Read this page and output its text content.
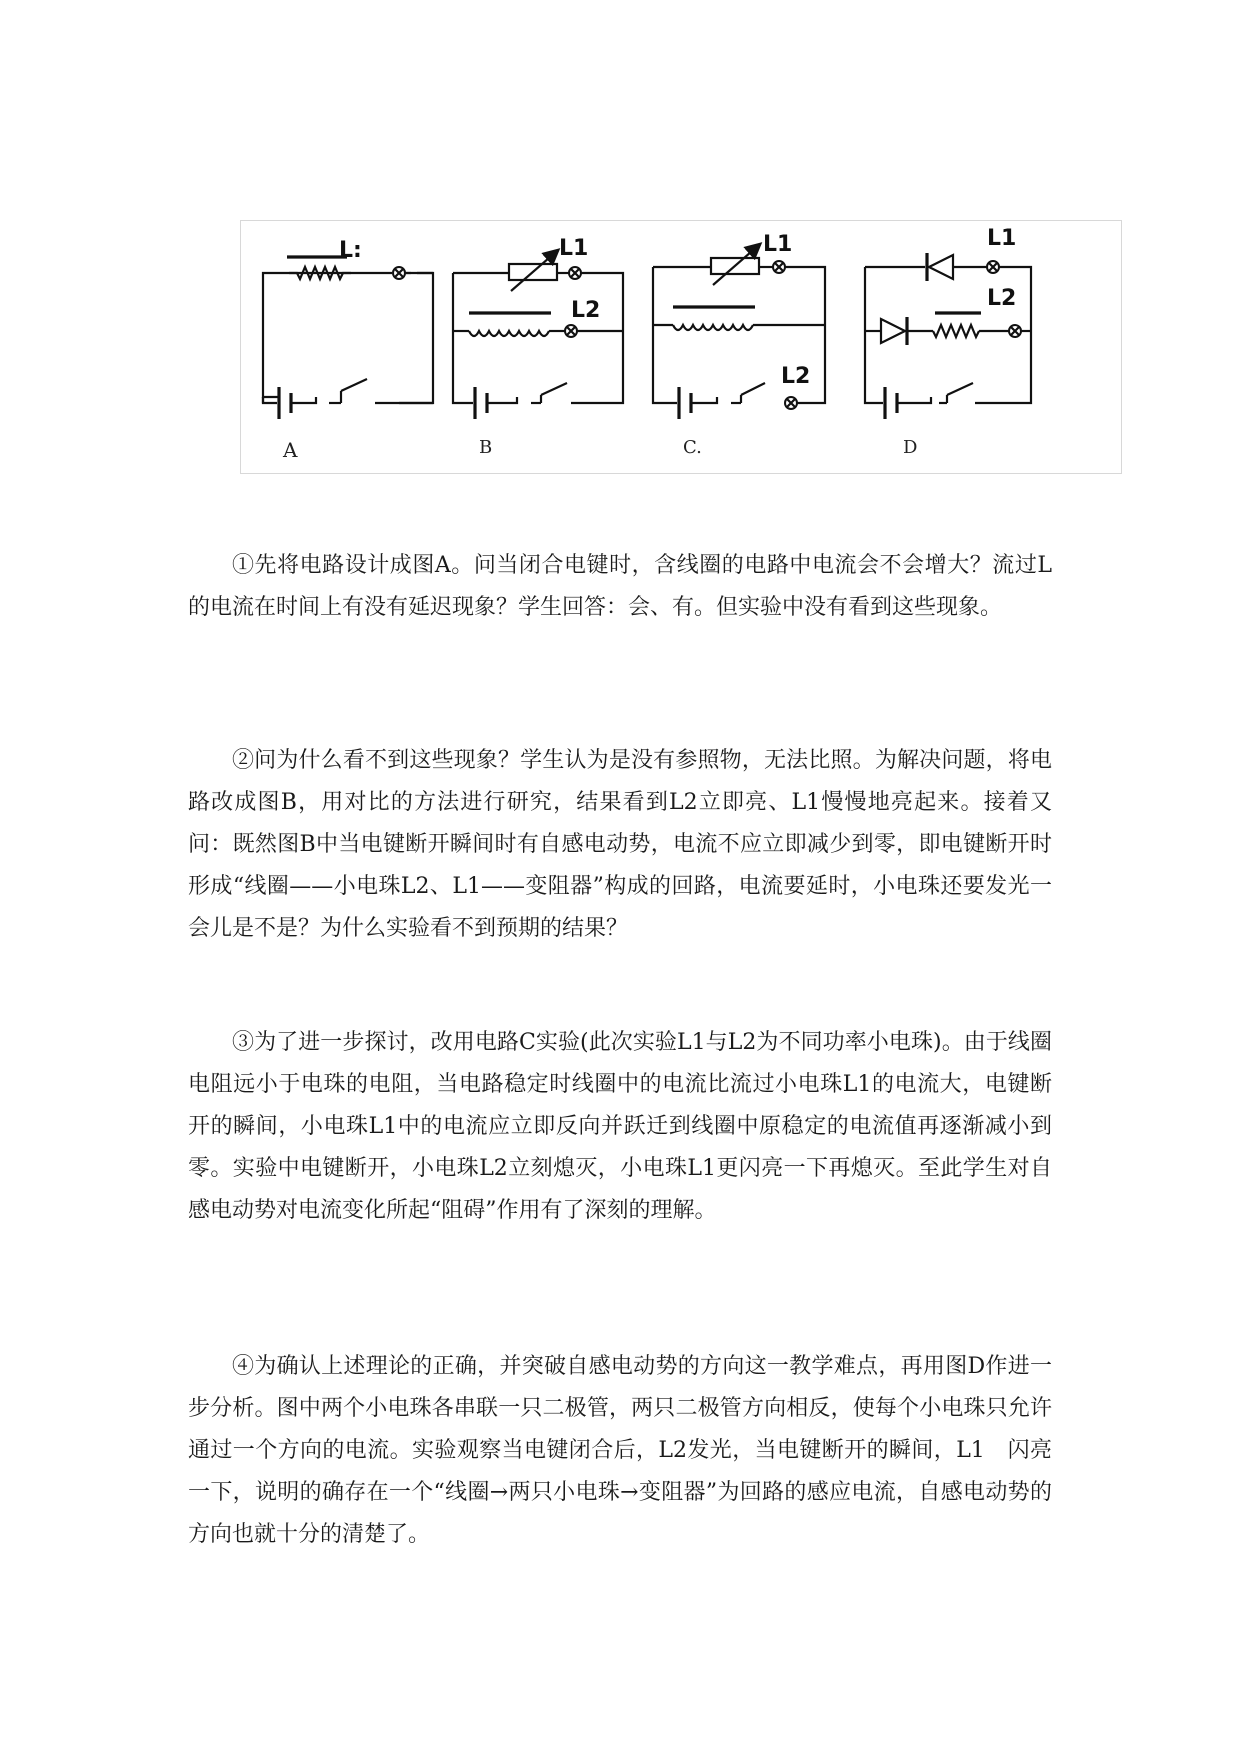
L:
A
L1
L2
B
L1
L2
C.
L1
L2
D

①先将电路设计成图A。问当闭合电键时，含线圈的电路中电流会不会增大？流过L的电流在时间上有没有延迟现象？学生回答：会、有。但实验中没有看到这些现象。

②问为什么看不到这些现象？学生认为是没有参照物，无法比照。为解决问题，将电路改成图B，用对比的方法进行研究，结果看到L2立即亮、L1慢慢地亮起来。接着又问：既然图B中当电键断开瞬间时有自感电动势，电流不应立即减少到零，即电键断开时形成“线圈——小电珠L2、L1——变阻器”构成的回路，电流要延时，小电珠还要发光一会儿是不是？为什么实验看不到预期的结果？

③为了进一步探讨，改用电路C实验(此次实验L1与L2为不同功率小电珠)。由于线圈电阻远小于电珠的电阻，当电路稳定时线圈中的电流比流过小电珠L1的电流大，电键断开的瞬间，小电珠L1中的电流应立即反向并跃迁到线圈中原稳定的电流值再逐渐减小到零。实验中电键断开，小电珠L2立刻熄灭，小电珠L1更闪亮一下再熄灭。至此学生对自感电动势对电流变化所起“阻碍”作用有了深刻的理解。

④为确认上述理论的正确，并突破自感电动势的方向这一教学难点，再用图D作进一步分析。图中两个小电珠各串联一只二极管，两只二极管方向相反，使每个小电珠只允许通过一个方向的电流。实验观察当电键闭合后，L2发光，当电键断开的瞬间，L1　闪亮一下，说明的确存在一个“线圈→两只小电珠→变阻器”为回路的感应电流，自感电动势的方向也就十分的清楚了。
